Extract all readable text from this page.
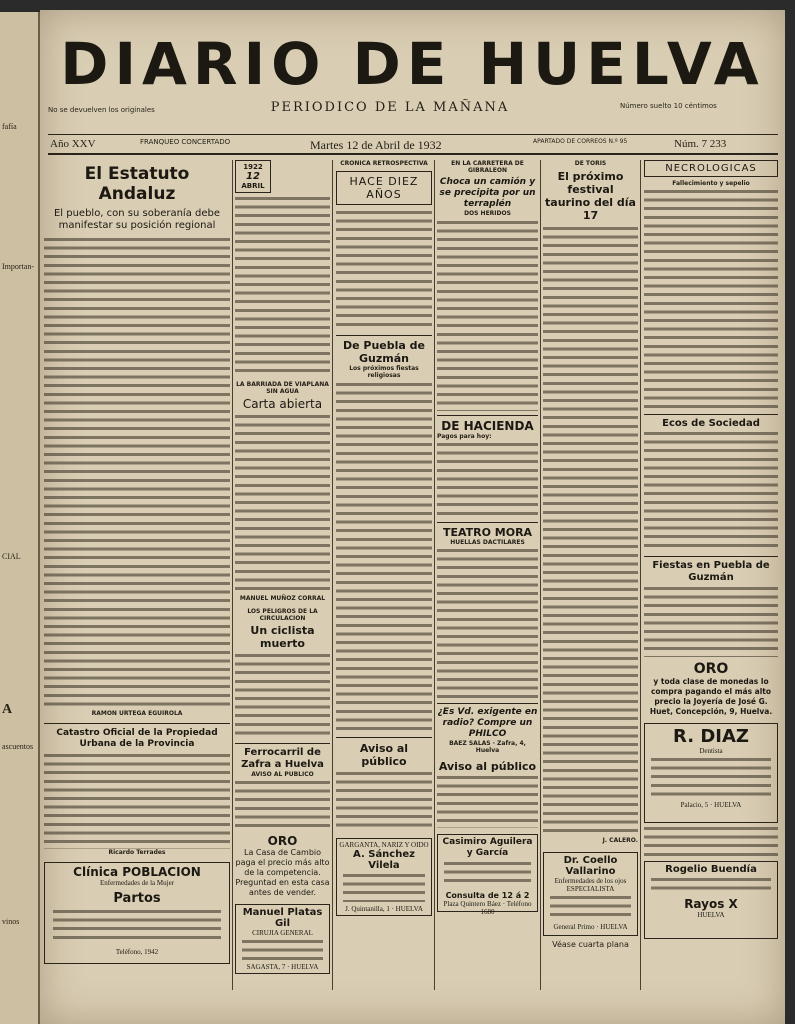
fafía
Importan-
CIAL
A
ascuentos
vinos
DIARIO DE HUELVA
No se devuelven los originales	PERIODICO DE LA MAÑANA	Número suelto 10 céntimos
Año XXV	FRANQUEO CONCERTADO	Martes 12 de Abril de 1932	APARTADO DE CORREOS N.º 95	Núm. 7 233
El Estatuto Andaluz
El pueblo, con su soberanía debe manifestar su posición regional
RAMON URTEGA EGUIROLA
Catastro Oficial de la Propiedad Urbana de la Provincia
Ricardo Terrades
Clínica POBLACION
Enfermedades de la Mujer
Partos
Teléfono, 1942
1922
12
ABRIL
LA BARRIADA DE VIAPLANA SIN AGUA
Carta abierta
MANUEL MUÑOZ CORRAL
LOS PELIGROS DE LA CIRCULACION
Un ciclista muerto
Ferrocarril de Zafra a Huelva
AVISO AL PUBLICO
ORO
La Casa de Cambio paga el precio más alto de la competencia. Preguntad en esta casa antes de vender.
Manuel Platas Gil
CIRUJIA GENERAL
SAGASTA, 7 · HUELVA
CRONICA RETROSPECTIVA
HACE DIEZ AÑOS
De Puebla de Guzmán
Los próximos fiestas religiosas
Aviso al público
GARGANTA, NARIZ Y OIDO
A. Sánchez Vilela
J. Quintanilla, 1 · HUELVA
EN LA CARRETERA DE GIBRALEON
Choca un camión y se precipita por un terraplén
DOS HERIDOS
DE HACIENDA
Pagos para hoy:
TEATRO MORA
HUELLAS DACTILARES
¿Es Vd. exigente en radio? Compre un PHILCO
BAEZ SALAS · Zafra, 4, Huelva
Aviso al público
Casimiro Aguilera y García
Consulta de 12 á 2
Plaza Quintero Báez · Teléfono 1680
DE TORIS
El próximo festival taurino del día 17
J. CALERO.
Dr. Coello Vallarino
Enfermedades de los ojos ESPECIALISTA
General Primo · HUELVA
Véase cuarta plana
NECROLOGICAS
Fallecimiento y sepelio
Ecos de Sociedad
Fiestas en Puebla de Guzmán
ORO
y toda clase de monedas lo compra pagando el más alto precio la Joyería de José G. Huet, Concepción, 9, Huelva.
R. DIAZ
Dentista
Palacio, 5 · HUELVA
Rogelio Buendía
Rayos X
HUELVA
